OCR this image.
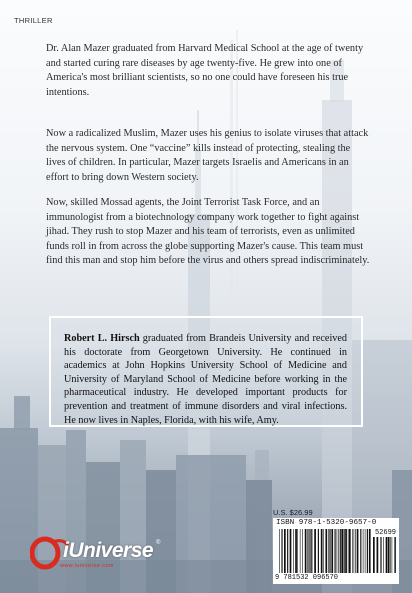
THRILLER

Dr. Alan Mazer graduated from Harvard Medical School at the age of twenty and started curing rare diseases by age twenty-five. He grew into one of America's most brilliant scientists, so no one could have foreseen his true intentions.

Now a radicalized Muslim, Mazer uses his genius to isolate viruses that attack the nervous system. One “vaccine” kills instead of protecting, stealing the lives of children. In particular, Mazer targets Israelis and Americans in an effort to bring down Western society.

Now, skilled Mossad agents, the Joint Terrorist Task Force, and an immunologist from a biotechnology company work together to fight against jihad. They rush to stop Mazer and his team of terrorists, even as unlimited funds roll in from across the globe supporting Mazer's cause. This team must find this man and stop him before the virus and others spread indiscriminately.

Robert L. Hirsch graduated from Brandeis University and received his doctorate from Georgetown University. He continued in academics at John Hopkins University School of Medicine and University of Maryland School of Medicine before working in the pharmaceutical industry. He developed important products for prevention and treatment of immune disorders and viral infections. He now lives in Naples, Florida, with his wife, Amy.

U.S. $26.99
ISBN 978-1-5320-9657-0
52699
9 781532 096570
iUniverse ®
www.iuniverse.com
